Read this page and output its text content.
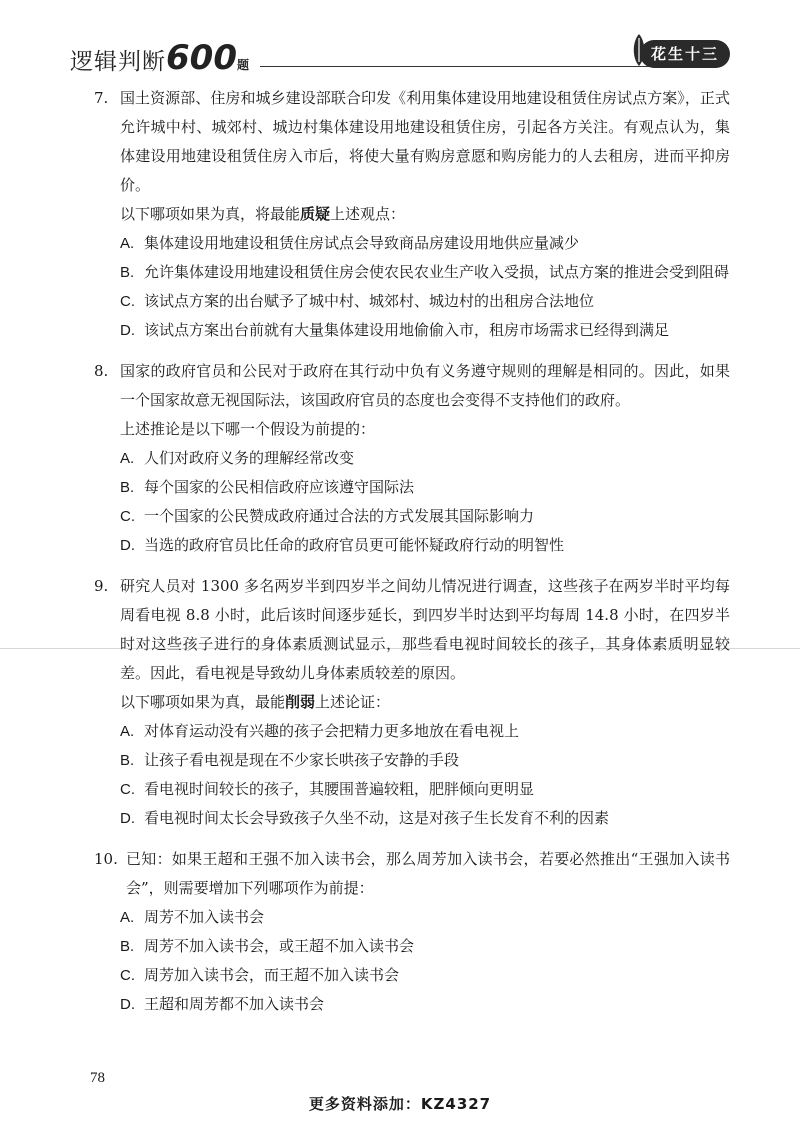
逻辑判断600题
花生十三
7. 国土资源部、住房和城乡建设部联合印发《利用集体建设用地建设租赁住房试点方案》，正式允许城中村、城郊村、城边村集体建设用地建设租赁住房，引起各方关注。有观点认为，集体建设用地建设租赁住房入市后，将使大量有购房意愿和购房能力的人去租房，进而平抑房价。
以下哪项如果为真，将最能质疑上述观点：
A. 集体建设用地建设租赁住房试点会导致商品房建设用地供应量减少
B. 允许集体建设用地建设租赁住房会使农民农业生产收入受损，试点方案的推进会受到阻碍
C. 该试点方案的出台赋予了城中村、城郊村、城边村的出租房合法地位
D. 该试点方案出台前就有大量集体建设用地偷偷入市，租房市场需求已经得到满足
8. 国家的政府官员和公民对于政府在其行动中负有义务遵守规则的理解是相同的。因此，如果一个国家故意无视国际法，该国政府官员的态度也会变得不支持他们的政府。
上述推论是以下哪一个假设为前提的：
A. 人们对政府义务的理解经常改变
B. 每个国家的公民相信政府应该遵守国际法
C. 一个国家的公民赞成政府通过合法的方式发展其国际影响力
D. 当选的政府官员比任命的政府官员更可能怀疑政府行动的明智性
9. 研究人员对 1300 多名两岁半到四岁半之间幼儿情况进行调查，这些孩子在两岁半时平均每周看电视 8.8 小时，此后该时间逐步延长，到四岁半时达到平均每周 14.8 小时，在四岁半时对这些孩子进行的身体素质测试显示，那些看电视时间较长的孩子，其身体素质明显较差。因此，看电视是导致幼儿身体素质较差的原因。
以下哪项如果为真，最能削弱上述论证：
A. 对体育运动没有兴趣的孩子会把精力更多地放在看电视上
B. 让孩子看电视是现在不少家长哄孩子安静的手段
C. 看电视时间较长的孩子，其腰围普遍较粗，肥胖倾向更明显
D. 看电视时间太长会导致孩子久坐不动，这是对孩子生长发育不利的因素
10. 已知：如果王超和王强不加入读书会，那么周芳加入读书会，若要必然推出“王强加入读书会”，则需要增加下列哪项作为前提：
A. 周芳不加入读书会
B. 周芳不加入读书会，或王超不加入读书会
C. 周芳加入读书会，而王超不加入读书会
D. 王超和周芳都不加入读书会
78
更多资料添加：KZ4327
